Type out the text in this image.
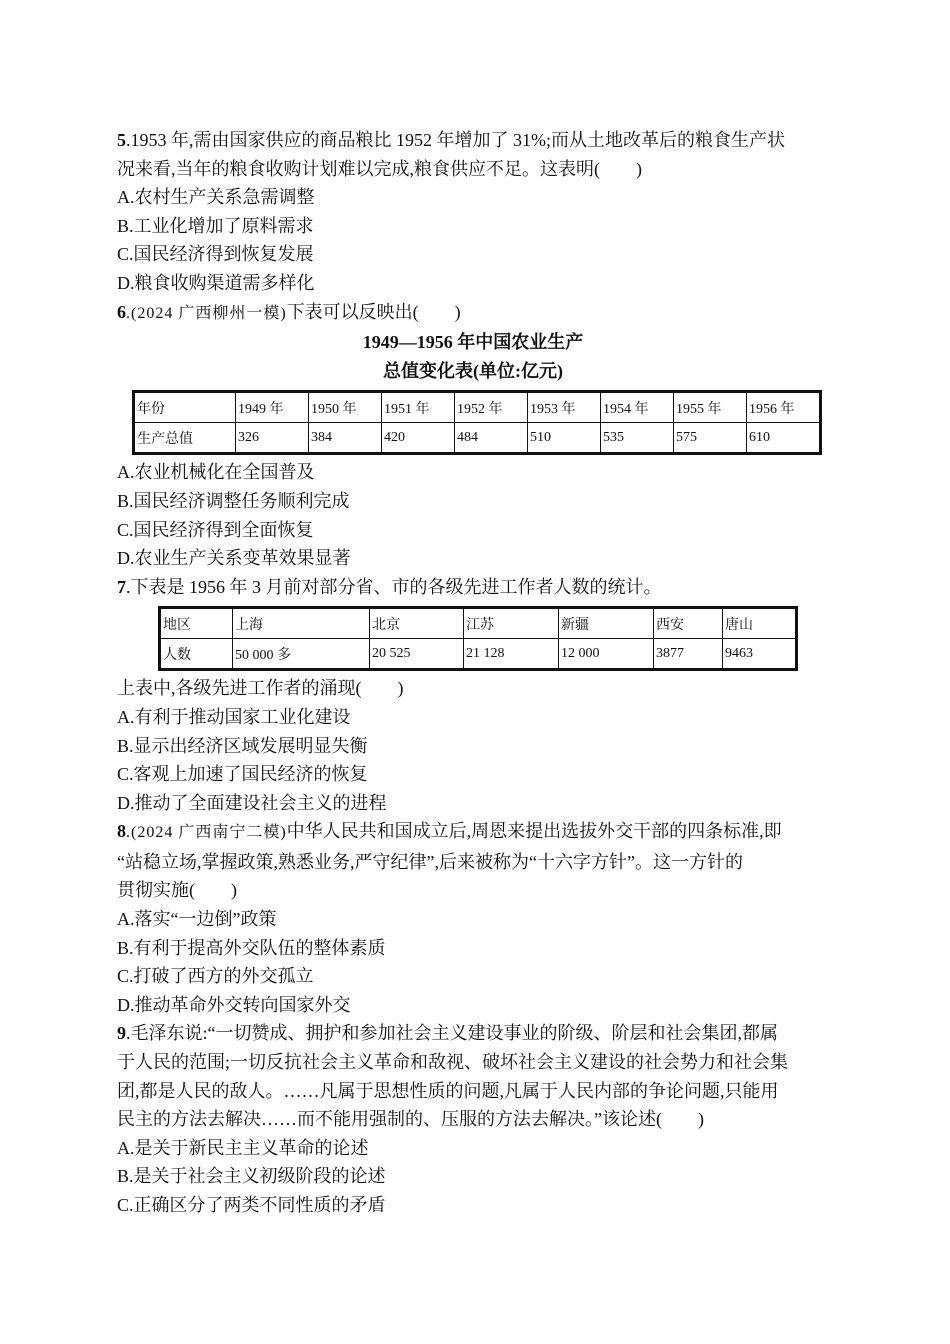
5.1953 年,需由国家供应的商品粮比 1952 年增加了 31%;而从土地改革后的粮食生产状
况来看,当年的粮食收购计划难以完成,粮食供应不足。这表明(　　)
A.农村生产关系急需调整
B.工业化增加了原料需求
C.国民经济得到恢复发展
D.粮食收购渠道需多样化
6.(2024 广西柳州一模)下表可以反映出(　　)
1949—1956 年中国农业生产
总值变化表(单位:亿元)
年份	1949 年	1950 年	1951 年	1952 年	1953 年	1954 年	1955 年	1956 年
生产总值	326	384	420	484	510	535	575	610
A.农业机械化在全国普及
B.国民经济调整任务顺利完成
C.国民经济得到全面恢复
D.农业生产关系变革效果显著
7.下表是 1956 年 3 月前对部分省、市的各级先进工作者人数的统计。
地区	上海	北京	江苏	新疆	西安	唐山
人数	50 000 多	20 525	21 128	12 000	3877	9463
上表中,各级先进工作者的涌现(　　)
A.有利于推动国家工业化建设
B.显示出经济区域发展明显失衡
C.客观上加速了国民经济的恢复
D.推动了全面建设社会主义的进程
8.(2024 广西南宁二模)中华人民共和国成立后,周恩来提出选拔外交干部的四条标准,即
“站稳立场,掌握政策,熟悉业务,严守纪律”,后来被称为“十六字方针”。这一方针的
贯彻实施(　　)
A.落实“一边倒”政策
B.有利于提高外交队伍的整体素质
C.打破了西方的外交孤立
D.推动革命外交转向国家外交
9.毛泽东说:“一切赞成、拥护和参加社会主义建设事业的阶级、阶层和社会集团,都属
于人民的范围;一切反抗社会主义革命和敌视、破坏社会主义建设的社会势力和社会集
团,都是人民的敌人。……凡属于思想性质的问题,凡属于人民内部的争论问题,只能用
民主的方法去解决……而不能用强制的、压服的方法去解决。”该论述(　　)
A.是关于新民主主义革命的论述
B.是关于社会主义初级阶段的论述
C.正确区分了两类不同性质的矛盾
